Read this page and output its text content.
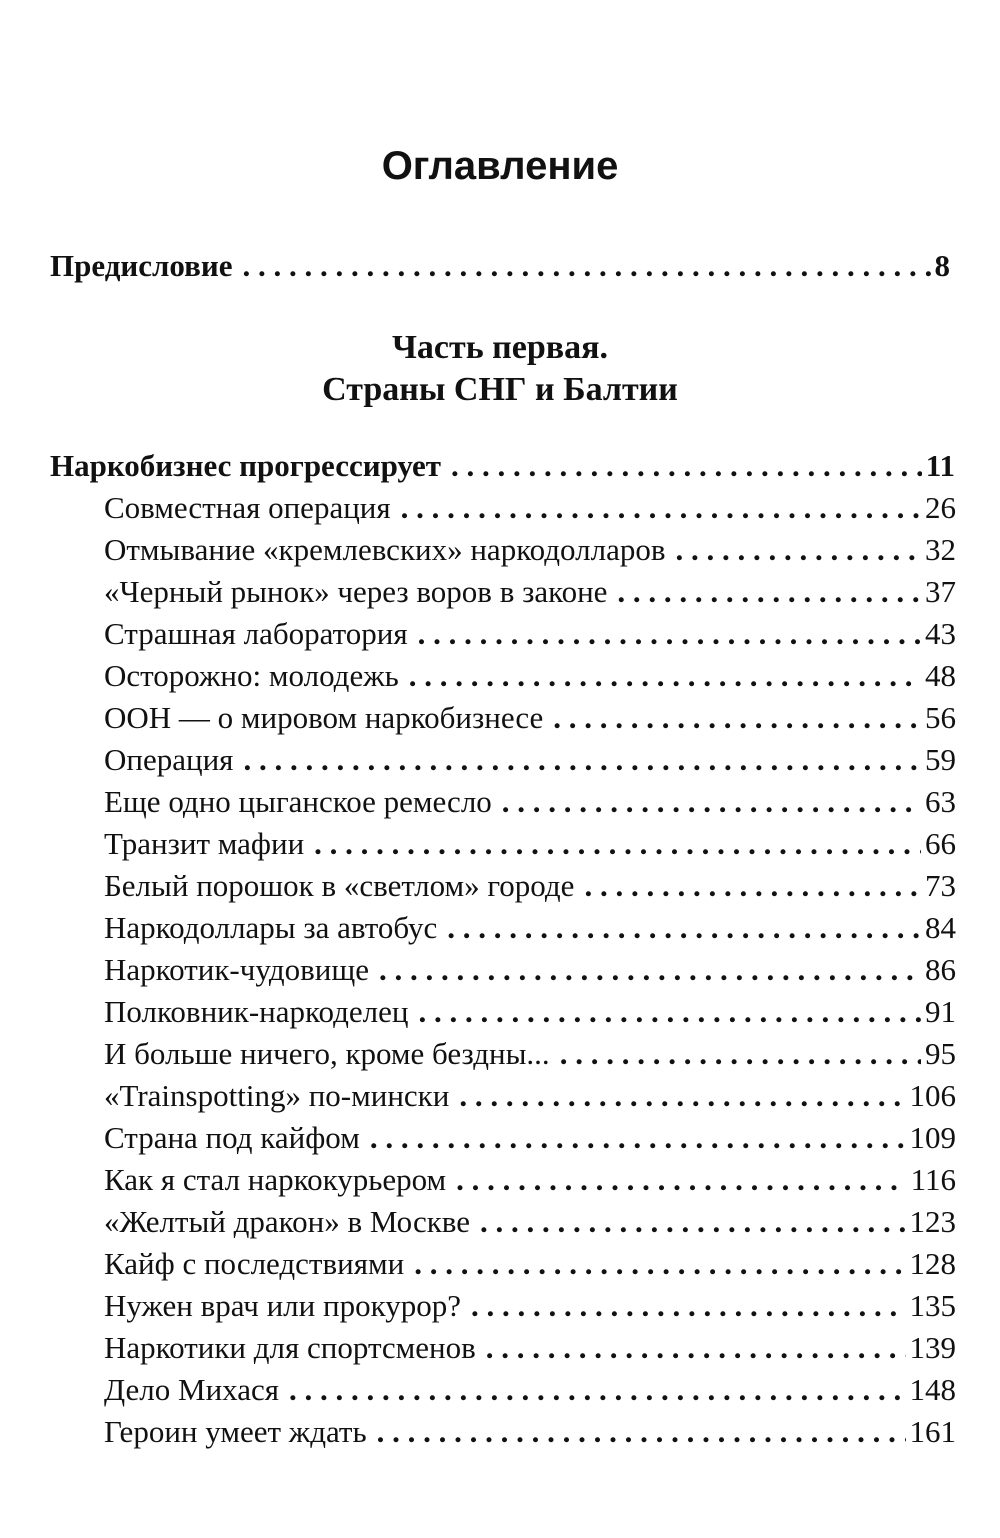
Оглавление
Предисловие . . .	8
Часть первая.
Страны СНГ и Балтии
Наркобизнес прогрессирует . . .	11
Совместная операция . . .	26
Отмывание «кремлевских» наркодолларов . . .	32
«Черный рынок» через воров в законе . . .	37
Страшная лаборатория . . .	43
Осторожно: молодежь . . .	48
ООН — о мировом наркобизнесе . . .	56
Операция . . .	59
Еще одно цыганское ремесло . . .	63
Транзит мафии . . .	66
Белый порошок в «светлом» городе . . .	73
Наркодоллары за автобус . . .	84
Наркотик-чудовище . . .	86
Полковник-наркоделец . . .	91
И больше ничего, кроме бездны... . . .	95
«Trainspotting» по-мински . . .	106
Страна под кайфом . . .	109
Как я стал наркокурьером . . .	116
«Желтый дракон» в Москве . . .	123
Кайф с последствиями . . .	128
Нужен врач или прокурор? . . .	135
Наркотики для спортсменов . . .	139
Дело Михася . . .	148
Героин умеет ждать . . .	161
